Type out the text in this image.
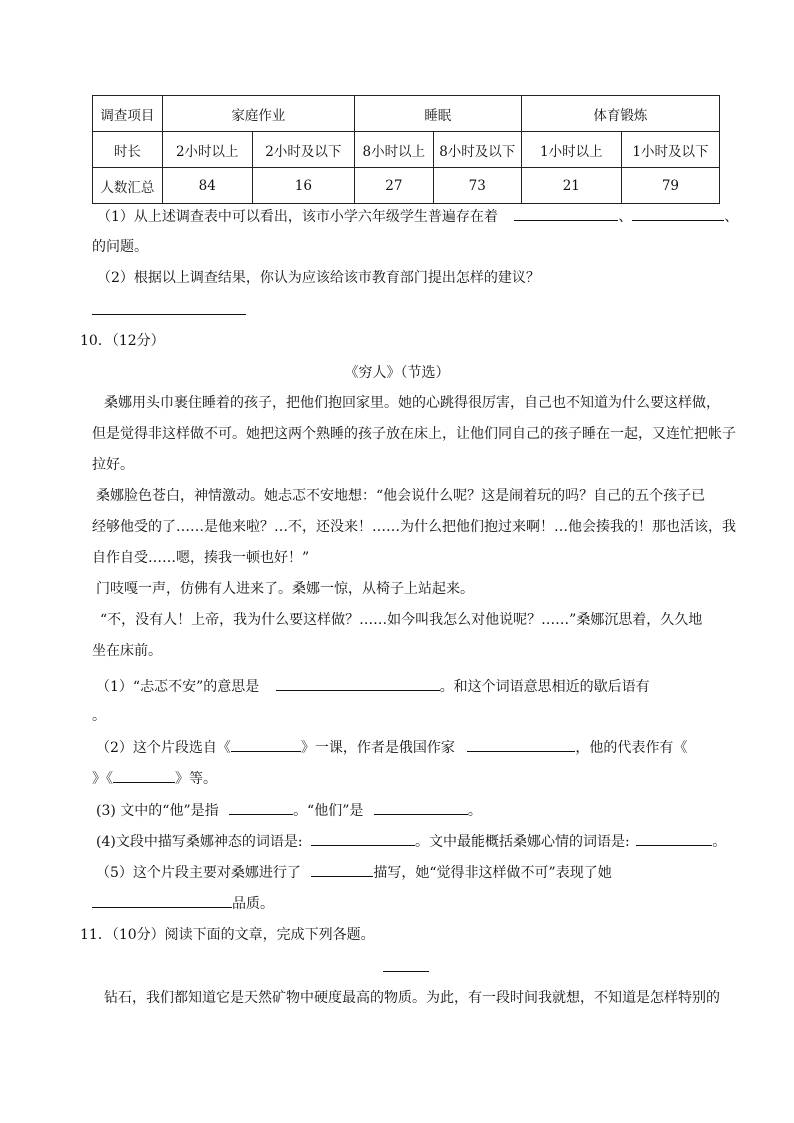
调查项目	家庭作业		睡眠		体育锻炼	
时长	2小时以上	2小时及以下	8小时以上	8小时及以下	1小时以上	1小时及以下
人数汇总	84	16	27	73	21	79
（1）从上述调查表中可以看出，该市小学六年级学生普遍存在着	、	、
的问题。
（2）根据以上调查结果，你认为应该给该市教育部门提出怎样的建议？
10．（12分）
《穷人》（节选）
桑娜用头巾裹住睡着的孩子，把他们抱回家里。她的心跳得很厉害，自己也不知道为什么要这样做，
但是觉得非这样做不可。她把这两个熟睡的孩子放在床上，让他们同自己的孩子睡在一起，又连忙把帐子
拉好。
桑娜脸色苍白，神情激动。她忐忑不安地想：“他会说什么呢？这是闹着玩的吗？自己的五个孩子已
经够他受的了……是他来啦？…不，还没来！……为什么把他们抱过来啊！…他会揍我的！那也活该，我
自作自受……嗯，揍我一顿也好！”
门吱嘎一声，仿佛有人进来了。桑娜一惊，从椅子上站起来。
“不，没有人！上帝，我为什么要这样做？……如今叫我怎么对他说呢？……”桑娜沉思着，久久地
坐在床前。
（1）“忐忑不安”的意思是	。和这个词语意思相近的歇后语有
。
（2）这个片段选自《	》一课，作者是俄国作家	，他的代表作有《
》《	》等。
(3) 文中的“他”是指	。“他们”是	。
(4)文段中描写桑娜神态的词语是:	。文中最能概括桑娜心情的词语是:	。
（5）这个片段主要对桑娜进行了	描写，她“觉得非这样做不可”表现了她
品质。
11．（10分）阅读下面的文章，完成下列各题。
钻石，我们都知道它是天然矿物中硬度最高的物质。为此，有一段时间我就想，不知道是怎样特别的
